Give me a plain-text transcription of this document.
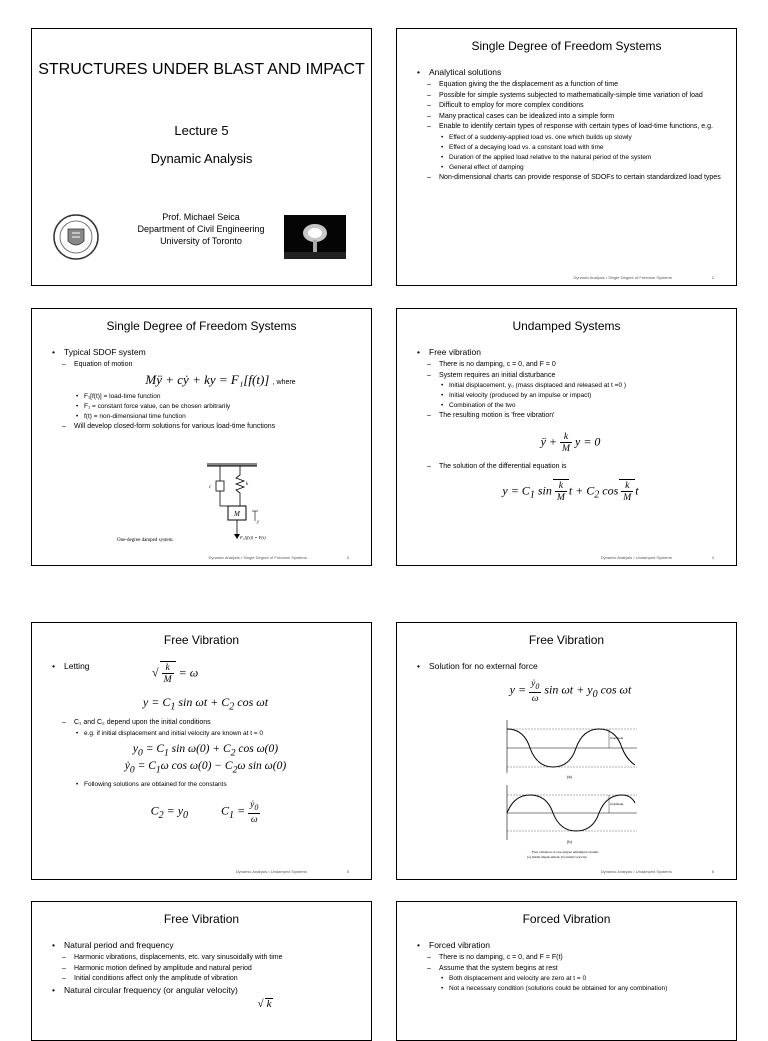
STRUCTURES UNDER BLAST AND IMPACT
Lecture 5
Dynamic Analysis
Prof. Michael Seica
Department of Civil Engineering
University of Toronto
Single Degree of Freedom Systems
• Analytical solutions
– Equation giving the the displacement as a function of time
– Possible for simple systems subjected to mathematically-simple time variation of load
– Difficult to employ for more complex conditions
– Many practical cases can be idealized into a simple form
– Enable to identify certain types of response with certain types of load-time functions, e.g.
• Effect of a suddenly-applied load vs. one which builds up slowly
• Effect of a decaying load vs. a constant load with time
• Duration of the applied load relative to the natural period of the system
• General effect of damping
– Non-dimensional charts can provide response of SDOFs to certain standardized load types
Dynamic Analysis • Single Degree of Freedom Systems	2
Single Degree of Freedom Systems
• Typical SDOF system
– Equation of motion
Mÿ + cẏ + ky = F₁[f(t)] , where
• F₁[f(t)] = load-time function
• F₁ = constant force value, can be chosen arbitrarily
• f(t) = non-dimensional time function
– Will develop closed-form solutions for various load-time functions
M
c
k
y
F₁[f(t)] = F(t)
One-degree damped system.
Dynamic Analysis • Single Degree of Freedom Systems	3
Undamped Systems
• Free vibration
– There is no damping, c = 0, and F = 0
– System requires an initial disturbance
• Initial displacement, y₀ (mass displaced and released at t =0 )
• Initial velocity (produced by an impulse or impact)
• Combination of the two
– The resulting motion is 'free vibration'
ÿ + $\frac{k}{M}$ y = 0
– The solution of the differential equation is
$y = C_1$ $\sin \frac{k}{M}$ $t + C_2$ $\cos \frac{k}{M}$ t
Dynamic Analysis • Undamped Systems	4
Free Vibration
• Letting	√ $\frac{k}{M} = \omega$
$y = C_1$ $\sin \omega t + C_2$ cos ωt
– C₁ and C₂ depend upon the initial conditions
• e.g. if initial displacement and initial velocity are known at t = 0
$y_0 = C_1$ $\sin \omega(0) + C_2$ cos ω(0)
ẏ$_0$ = $C_1\omega$ $\cos \omega(0) - C_2\omega$ sin ω(0)
• Following solutions are obtained for the constants
$C_2 = y_0$           $C_1 = \frac{ẏ_0}{\omega}$
Dynamic Analysis • Undamped Systems	5
Free Vibration
• Solution for no external force
$y = \frac{ẏ_0}{\omega}$ $\sin \omega t + y_0$ cos ωt
Amplitude
(a)
Amplitude
(b)
Free vibration of one-degree undamped system.
(a) Initial displacement; (b) initial velocity.
Dynamic Analysis • Undamped Systems	6
Free Vibration
• Natural period and frequency
– Harmonic vibrations, displacements, etc. vary sinusoidally with time
– Harmonic motion defined by amplitude and natural period
– Initial conditions affect only the amplitude of vibration
• Natural circular frequency (or angular velocity)
√ k
Forced Vibration
• Forced vibration
– There is no damping, c = 0, and F = F(t)
– Assume that the system begins at rest
• Both displacement and velocity are zero at t = 0
• Not a necessary condition (solutions could be obtained for any combination)
